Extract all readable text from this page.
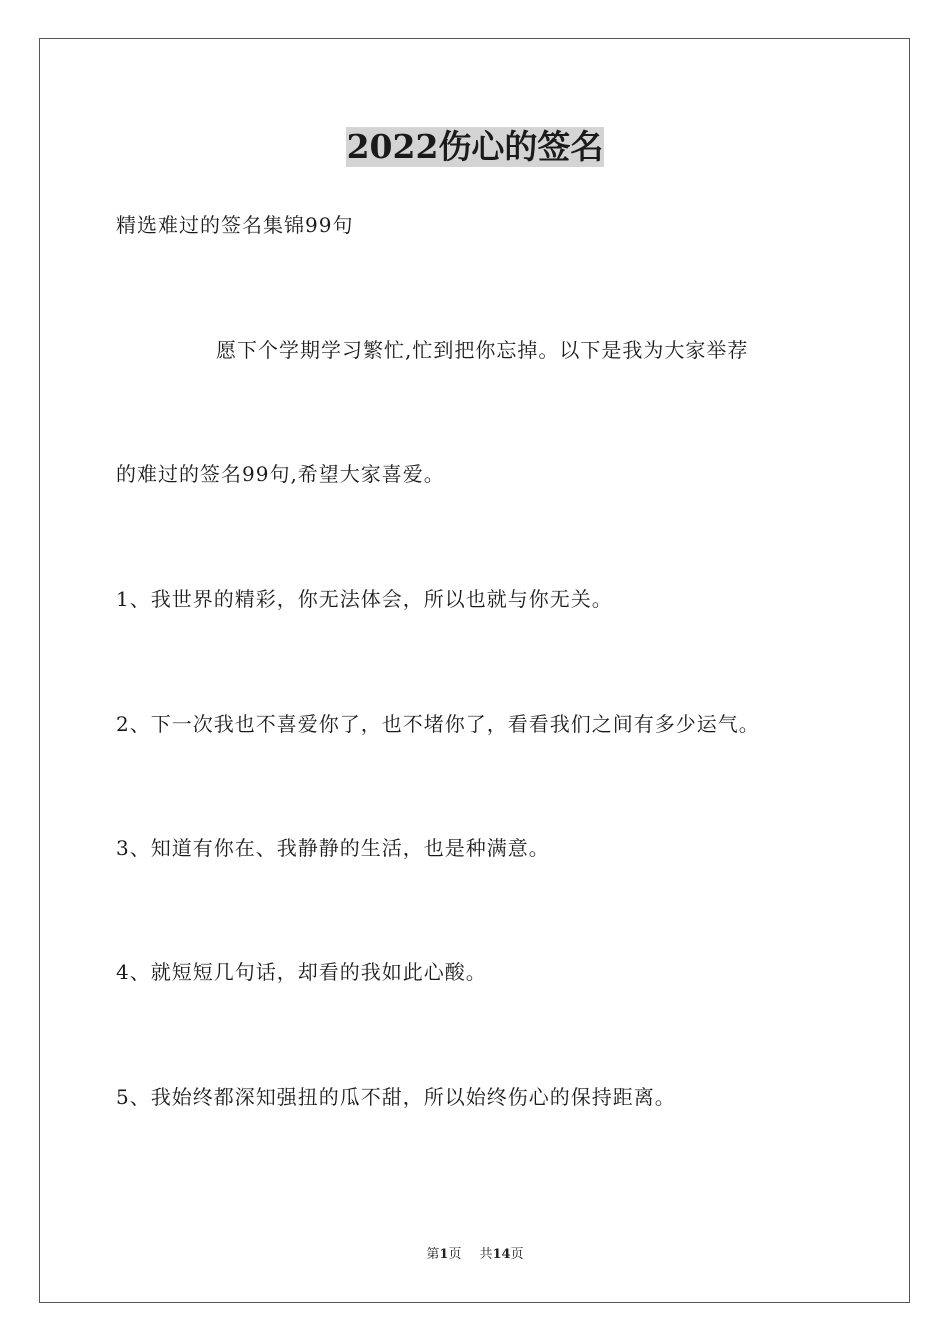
2022伤心的签名
精选难过的签名集锦99句
愿下个学期学习繁忙,忙到把你忘掉。以下是我为大家举荐
的难过的签名99句,希望大家喜爱。
1、我世界的精彩，你无法体会，所以也就与你无关。
2、下一次我也不喜爱你了，也不堵你了，看看我们之间有多少运气。
3、知道有你在、我静静的生活，也是种满意。
4、就短短几句话，却看的我如此心酸。
5、我始终都深知强扭的瓜不甜，所以始终伤心的保持距离。
第1页 共14页
